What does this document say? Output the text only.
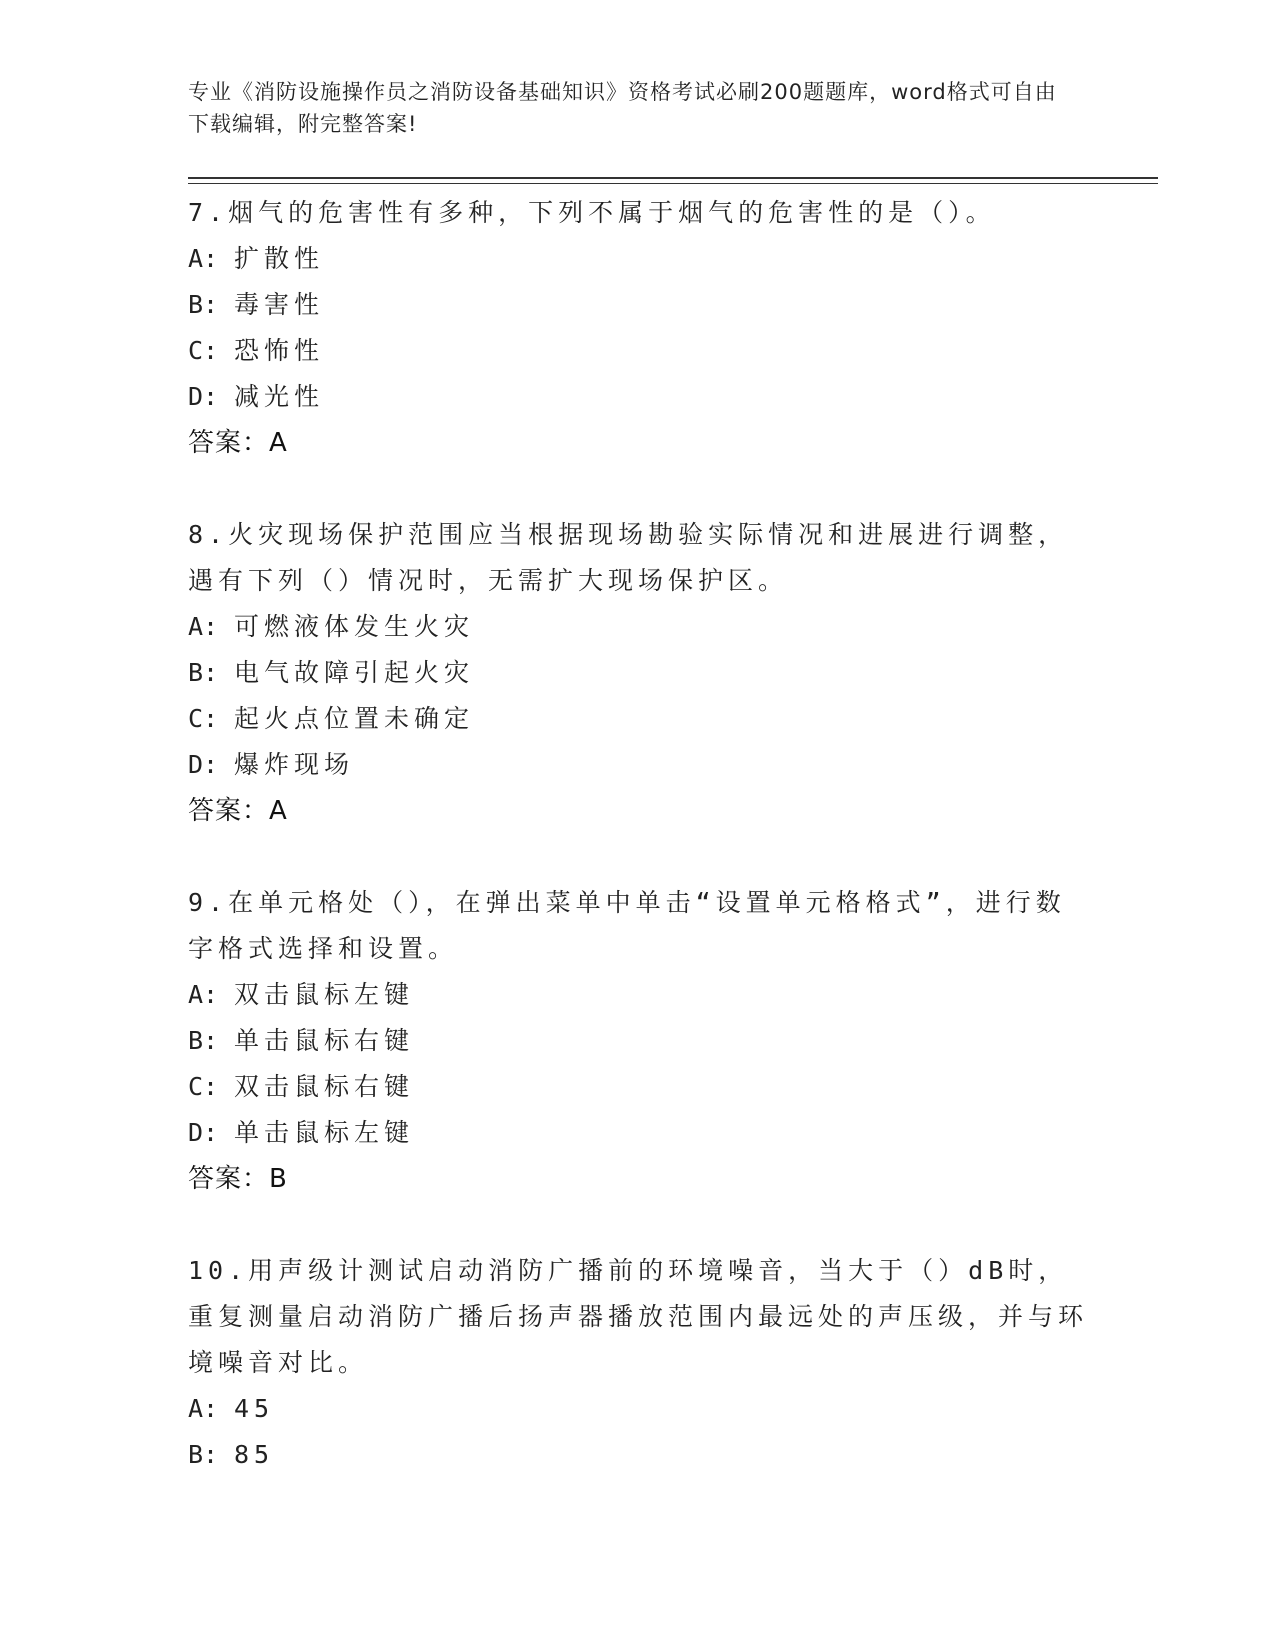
专业《消防设施操作员之消防设备基础知识》资格考试必刷200题题库，word格式可自由下载编辑，附完整答案!
7.烟气的危害性有多种，下列不属于烟气的危害性的是（）。
A: 扩散性
B: 毒害性
C: 恐怖性
D: 减光性
答案：A
8.火灾现场保护范围应当根据现场勘验实际情况和进展进行调整，遇有下列（）情况时，无需扩大现场保护区。
A: 可燃液体发生火灾
B: 电气故障引起火灾
C: 起火点位置未确定
D: 爆炸现场
答案：A
9.在单元格处（），在弹出菜单中单击“设置单元格格式”，进行数字格式选择和设置。
A: 双击鼠标左键
B: 单击鼠标右键
C: 双击鼠标右键
D: 单击鼠标左键
答案：B
10.用声级计测试启动消防广播前的环境噪音，当大于（）dB时，重复测量启动消防广播后扬声器播放范围内最远处的声压级，并与环境噪音对比。
A: 45
B: 85
